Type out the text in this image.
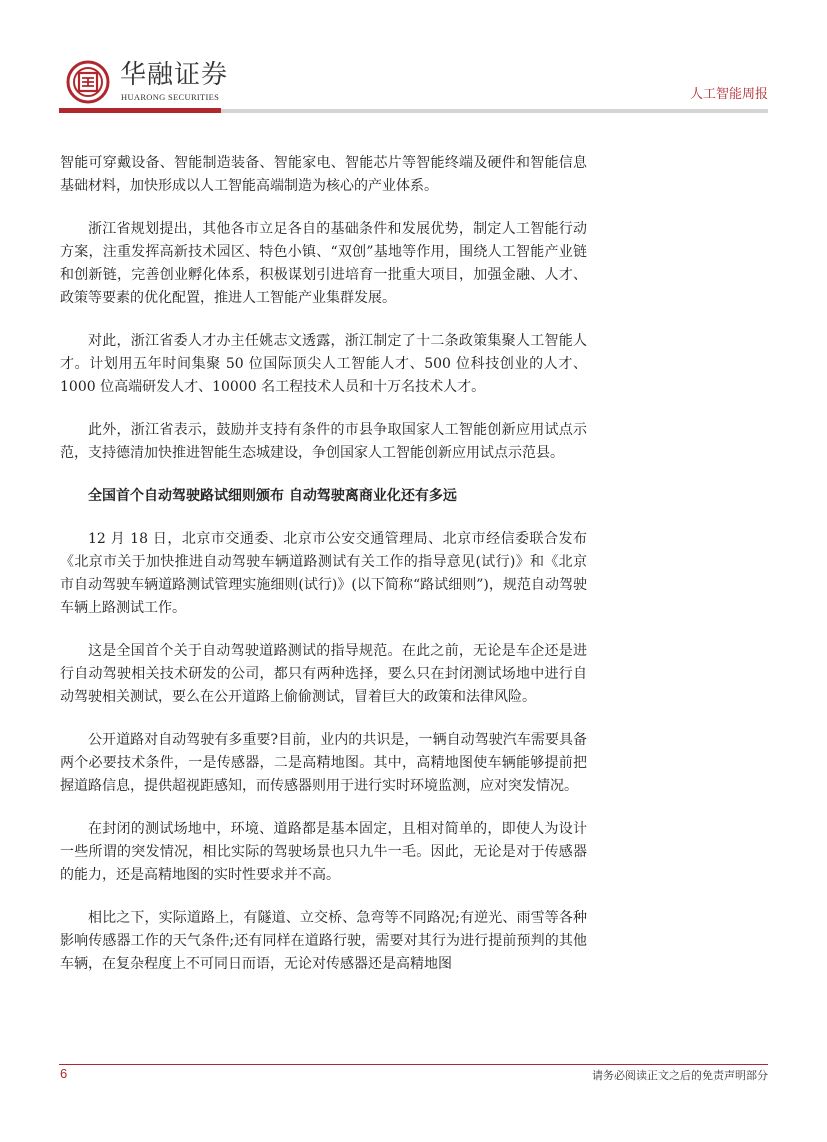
华融证券
HUARONG SECURITIES	人工智能周报

智能可穿戴设备、智能制造装备、智能家电、智能芯片等智能终端及硬件和智能信息基础材料，加快形成以人工智能高端制造为核心的产业体系。

浙江省规划提出，其他各市立足各自的基础条件和发展优势，制定人工智能行动方案，注重发挥高新技术园区、特色小镇、“双创”基地等作用，围绕人工智能产业链和创新链，完善创业孵化体系，积极谋划引进培育一批重大项目，加强金融、人才、政策等要素的优化配置，推进人工智能产业集群发展。

对此，浙江省委人才办主任姚志文透露，浙江制定了十二条政策集聚人工智能人才。计划用五年时间集聚 50 位国际顶尖人工智能人才、500 位科技创业的人才、1000 位高端研发人才、10000 名工程技术人员和十万名技术人才。

此外，浙江省表示，鼓励并支持有条件的市县争取国家人工智能创新应用试点示范，支持德清加快推进智能生态城建设，争创国家人工智能创新应用试点示范县。

全国首个自动驾驶路试细则颁布 自动驾驶离商业化还有多远

12 月 18 日，北京市交通委、北京市公安交通管理局、北京市经信委联合发布《北京市关于加快推进自动驾驶车辆道路测试有关工作的指导意见(试行)》和《北京市自动驾驶车辆道路测试管理实施细则(试行)》(以下简称“路试细则”)，规范自动驾驶车辆上路测试工作。

这是全国首个关于自动驾驶道路测试的指导规范。在此之前，无论是车企还是进行自动驾驶相关技术研发的公司，都只有两种选择，要么只在封闭测试场地中进行自动驾驶相关测试，要么在公开道路上偷偷测试，冒着巨大的政策和法律风险。

公开道路对自动驾驶有多重要?目前，业内的共识是，一辆自动驾驶汽车需要具备两个必要技术条件，一是传感器，二是高精地图。其中，高精地图使车辆能够提前把握道路信息，提供超视距感知，而传感器则用于进行实时环境监测，应对突发情况。

在封闭的测试场地中，环境、道路都是基本固定，且相对简单的，即使人为设计一些所谓的突发情况，相比实际的驾驶场景也只九牛一毛。因此，无论是对于传感器的能力，还是高精地图的实时性要求并不高。

相比之下，实际道路上，有隧道、立交桥、急弯等不同路况;有逆光、雨雪等各种影响传感器工作的天气条件;还有同样在道路行驶，需要对其行为进行提前预判的其他车辆，在复杂程度上不可同日而语，无论对传感器还是高精地图

6	请务必阅读正文之后的免责声明部分
